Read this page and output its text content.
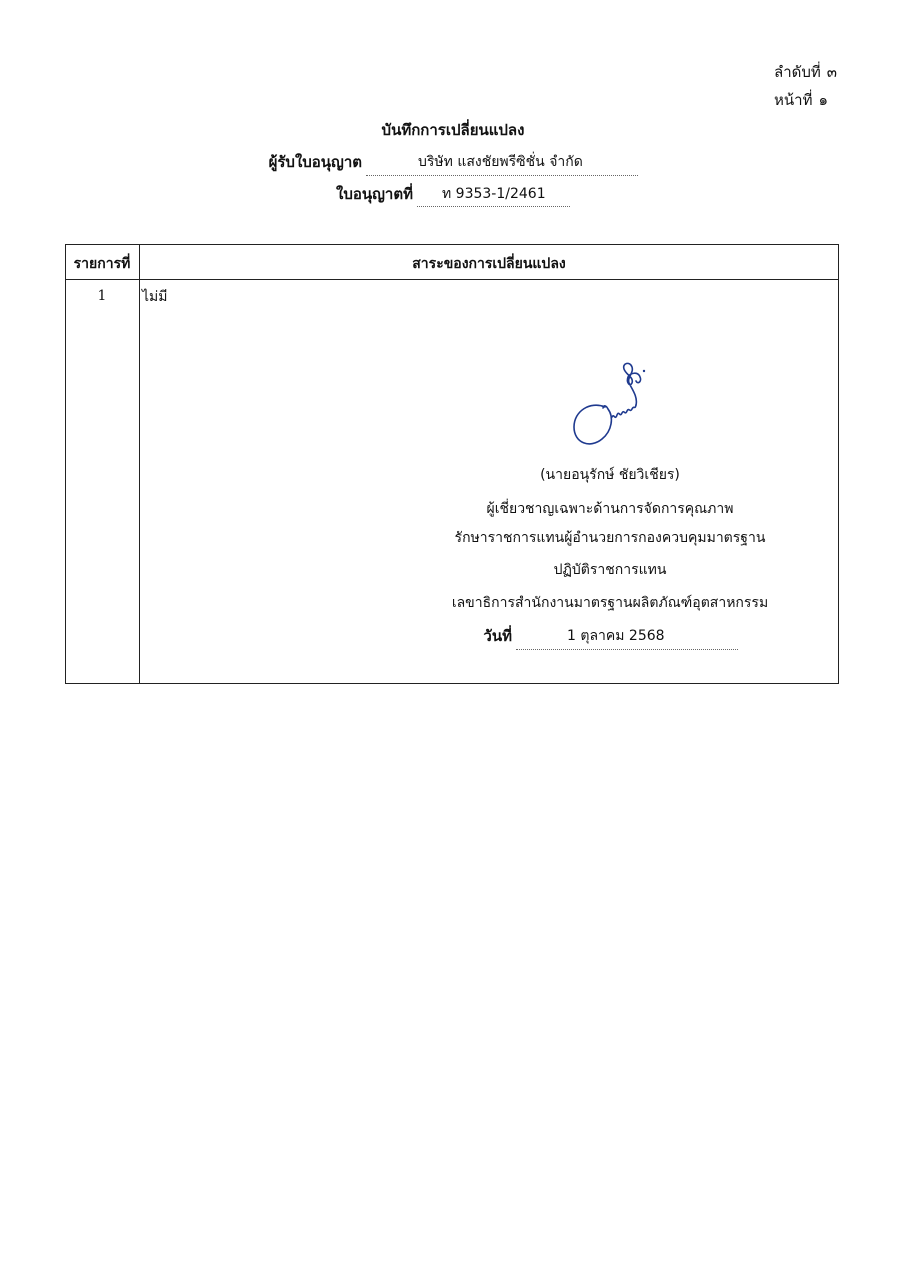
ลำดับที่ ๓
หน้าที่ ๑
บันทึกการเปลี่ยนแปลง
ผู้รับใบอนุญาต	บริษัท แสงชัยพรีซิชั่น จำกัด
ใบอนุญาตที่ ท 9353-1/2461
รายการที่	สาระของการเปลี่ยนแปลง
1	ไม่มี
(นายอนุรักษ์ ชัยวิเชียร)
ผู้เชี่ยวชาญเฉพาะด้านการจัดการคุณภาพ
รักษาราชการแทนผู้อำนวยการกองควบคุมมาตรฐาน
ปฏิบัติราชการแทน
เลขาธิการสำนักงานมาตรฐานผลิตภัณฑ์อุตสาหกรรม
วันที่	1 ตุลาคม 2568
